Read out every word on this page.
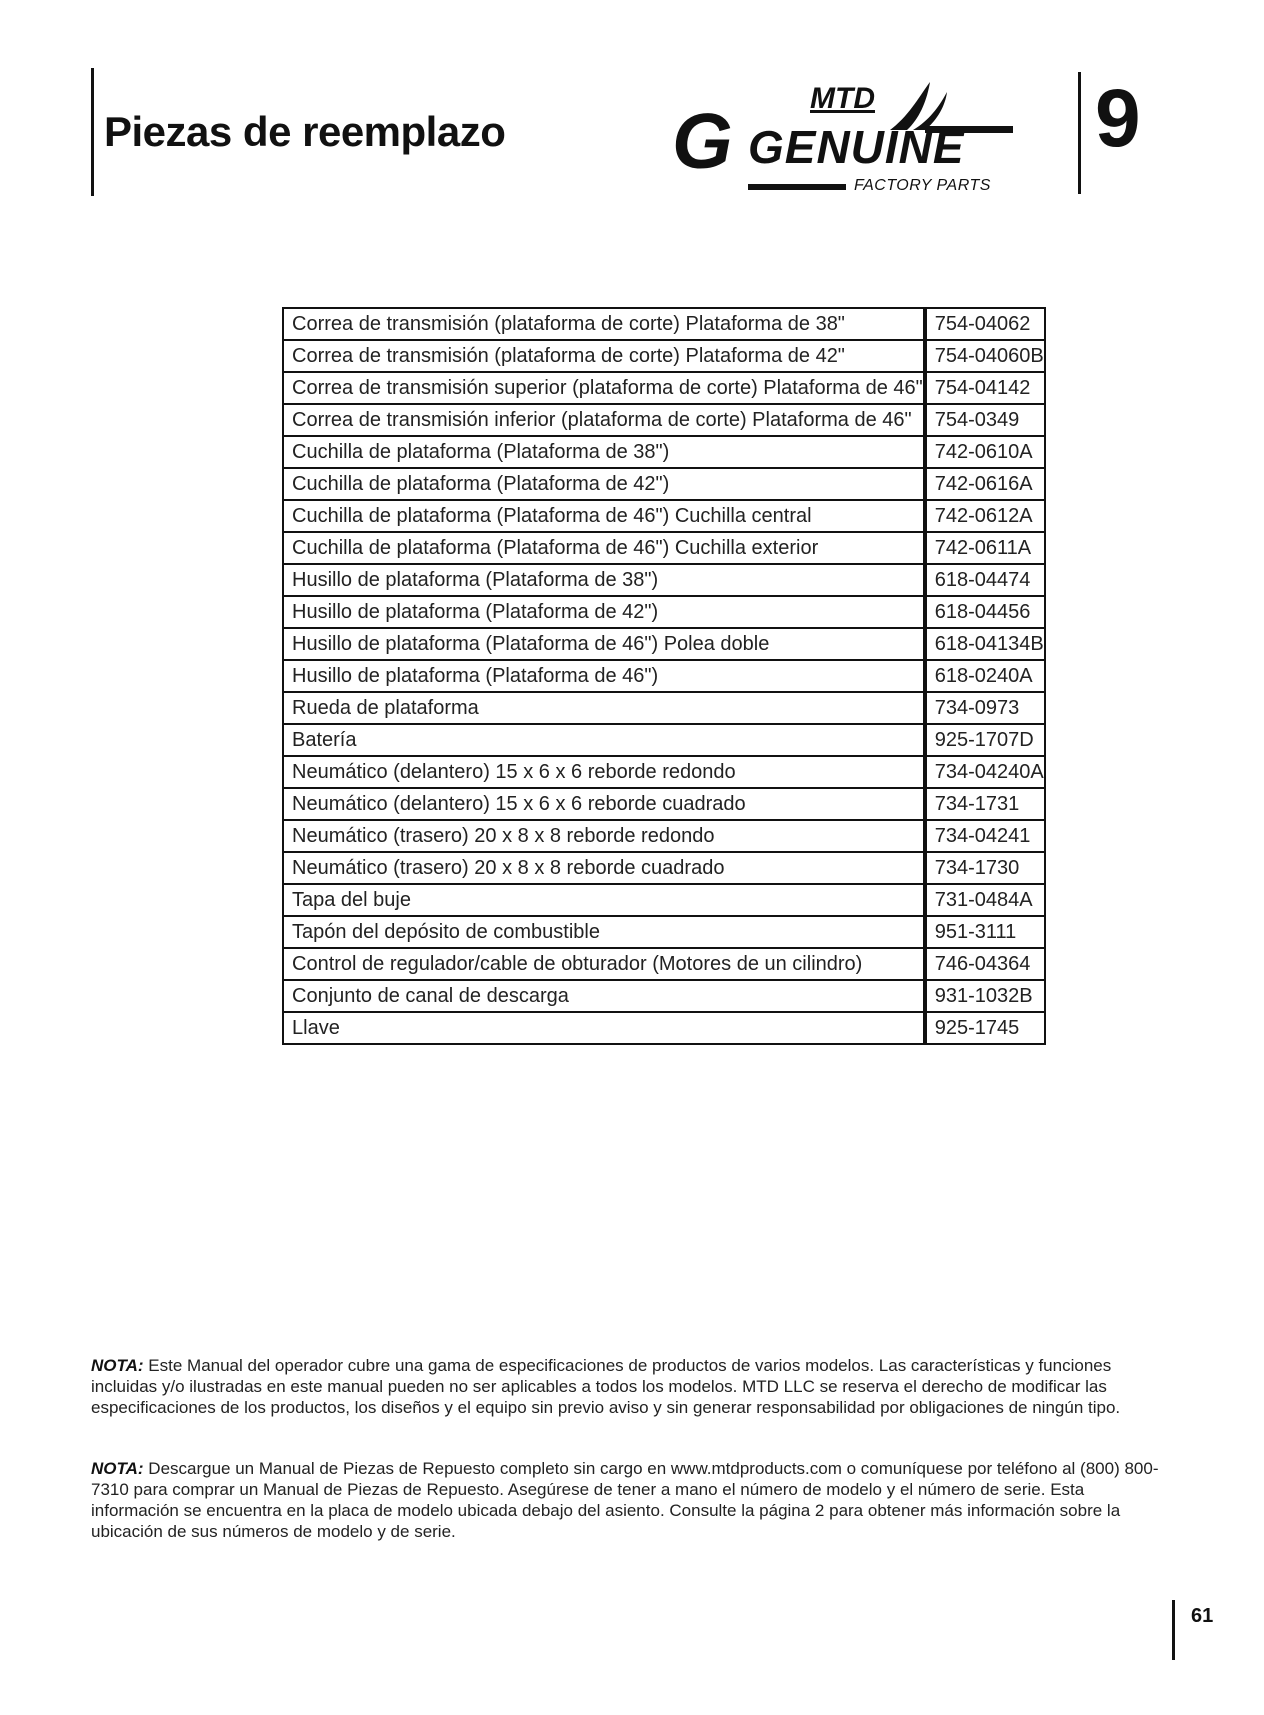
Piezas de reemplazo
MTD
G GENUINE
FACTORY PARTS
9
Correa de transmisión (plataforma de corte) Plataforma de 38"		754-04062
Correa de transmisión (plataforma de corte) Plataforma de 42"		754-04060B
Correa de transmisión superior (plataforma de corte) Plataforma de 46"		754-04142
Correa de transmisión inferior (plataforma de corte) Plataforma de 46"		754-0349
Cuchilla de plataforma (Plataforma de 38")		742-0610A
Cuchilla de plataforma (Plataforma de 42")		742-0616A
Cuchilla de plataforma (Plataforma de 46") Cuchilla central		742-0612A
Cuchilla de plataforma (Plataforma de 46") Cuchilla exterior		742-0611A
Husillo de plataforma (Plataforma de 38")		618-04474
Husillo de plataforma (Plataforma de 42")		618-04456
Husillo de plataforma (Plataforma de 46") Polea doble		618-04134B
Husillo de plataforma (Plataforma de 46")		618-0240A
Rueda de plataforma		734-0973
Batería		925-1707D
Neumático (delantero) 15 x 6 x 6 reborde redondo		734-04240A
Neumático (delantero) 15 x 6 x 6 reborde cuadrado		734-1731
Neumático (trasero) 20 x 8 x 8 reborde redondo		734-04241
Neumático (trasero) 20 x 8 x 8 reborde cuadrado		734-1730
Tapa del buje		731-0484A
Tapón del depósito de combustible		951-3111
Control de regulador/cable de obturador (Motores de un cilindro)		746-04364
Conjunto de canal de descarga		931-1032B
Llave		925-1745
NOTA: Este Manual del operador cubre una gama de especificaciones de productos de varios modelos. Las características y funciones incluidas y/o ilustradas en este manual pueden no ser aplicables a todos los modelos. MTD LLC se reserva el derecho de modificar las especificaciones de los productos, los diseños y el equipo sin previo aviso y sin generar responsabilidad por obligaciones de ningún tipo.
NOTA: Descargue un Manual de Piezas de Repuesto completo sin cargo en www.mtdproducts.com o comuníquese por teléfono al (800) 800-7310 para comprar un Manual de Piezas de Repuesto. Asegúrese de tener a mano el número de modelo y el número de serie. Esta información se encuentra en la placa de modelo ubicada debajo del asiento. Consulte la página 2 para obtener más información sobre la ubicación de sus números de modelo y de serie.
61
